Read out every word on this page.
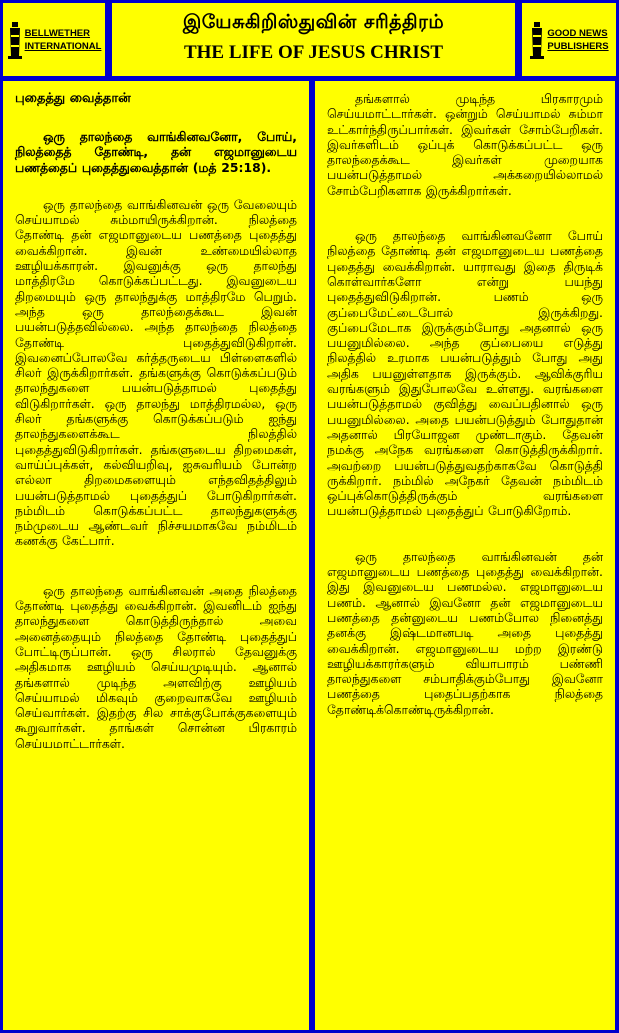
BELLWETHER
INTERNATIONAL
இயேசுகிறிஸ்துவின் சரித்திரம்
THE LIFE OF JESUS CHRIST
GOOD NEWS
PUBLISHERS
புதைத்து வைத்தான்

ஒரு தாலந்தை வாங்கினவனோ, போய், நிலத்தைத் தோண்டி, தன் எஜமானுடைய பணத்தைப் புதைத்துவைத்தான் (மத் 25:18).

ஒரு தாலந்தை வாங்கினவன் ஒரு வேலையும் செய்யாமல் சும்மாயிருக்கிறான். நிலத்தை தோண்டி தன் எஜமானுடைய பணத்தை புதைத்து வைக்கிறான். இவன் உண்மையில்லாத ஊழியக்காரன். இவனுக்கு ஒரு தாலந்து மாத்திரமே கொடுக்கப்பட்டது. இவனுடைய திறமையும் ஒரு தாலந்துக்கு மாத்திரமே பெறும். அந்த ஒரு தாலந்தைக்கூட இவன் பயன்படுத்தவில்லை. அந்த தாலந்தை நிலத்தை தோண்டி புதைத்துவிடுகிறான். இவனைப்போலவே கர்த்தருடைய பிள்ளைகளில் சிலர் இருக்கிறார்கள். தங்களுக்கு கொடுக்கப்படும் தாலந்துகளை பயன்படுத்தாமல் புதைத்து விடுகிறார்கள். ஒரு தாலந்து மாத்திரமல்ல, ஒரு சிலர் தங்களுக்கு கொடுக்கப்படும் ஐந்து தாலந்துகளைக்கூட நிலத்தில் புதைத்துவிடுகிறார்கள். தங்களுடைய திறமைகள், வாய்ப்புக்கள், கல்வியறிவு, ஐசுவரியம் போன்ற எல்லா திறமைகளையும் எந்தவிதத்திலும் பயன்படுத்தாமல் புதைத்துப் போடுகிறார்கள். நம்மிடம் கொடுக்கப்பட்ட தாலந்துகளுக்கு நம்முடைய ஆண்டவர் நிச்சயமாகவே நம்மிடம் கணக்கு கேட்பார்.

ஒரு தாலந்தை வாங்கினவன் அதை நிலத்தை தோண்டி புதைத்து வைக்கிறான். இவனிடம் ஐந்து தாலந்துகளை கொடுத்திருந்தால் அவை அனைத்தையும் நிலத்தை தோண்டி புதைத்துப் போட்டிருப்பான். ஒரு சிலரால் தேவனுக்கு அதிகமாக ஊழியம் செய்யமுடியும். ஆனால் தங்களால் முடிந்த அளவிற்கு ஊழியம் செய்யாமல் மிகவும் குறைவாகவே ஊழியம் செய்வார்கள். இதற்கு சில சாக்குபோக்குகளையும் கூறுவார்கள். தாங்கள் சொன்ன பிரகாரம் செய்யமாட்டார்கள்.

தங்களால் முடிந்த பிரகாரமும் செய்யமாட்டார்கள். ஒன்றும் செய்யாமல் சும்மா உட்கார்ந்திருப்பார்கள். இவர்கள் சோம்பேறிகள். இவர்களிடம் ஒப்புக் கொடுக்கப்பட்ட ஒரு தாலந்தைக்கூட இவர்கள் முறையாக பயன்படுத்தாமல் அக்கறையில்லாமல் சோம்பேறிகளாக இருக்கிறார்கள்.

ஒரு தாலந்தை வாங்கினவனோ போய் நிலத்தை தோண்டி தன் எஜமானுடைய பணத்தை புதைத்து வைக்கிறான். யாராவது இதை திருடிக் கொள்வார்களோ என்று பயந்து புதைத்துவிடுகிறான். பணம் ஒரு குப்பைமேட்டைபோல் இருக்கிறது. குப்பைமேடாக இருக்கும்போது அதனால் ஒரு பயனுமில்லை. அந்த குப்பையை எடுத்து நிலத்தில் உரமாக பயன்படுத்தும் போது அது அதிக பயனுள்ளதாக இருக்கும். ஆவிக்குரிய வரங்களும் இதுபோலவே உள்ளது. வரங்களை பயன்படுத்தாமல் குவித்து வைப்பதினால் ஒரு பயனுமில்லை. அதை பயன்படுத்தும் போதுதான் அதனால் பிரயோஜன முண்டாகும். தேவன் நமக்கு அநேக வரங்களை கொடுத்திருக்கிறார். அவற்றை பயன்படுத்துவதற்காகவே கொடுத்தி ருக்கிறார். நம்மில் அநேகர் தேவன் நம்மிடம் ஒப்புக்கொடுத்திருக்கும் வரங்களை பயன்படுத்தாமல் புதைத்துப் போடுகிறோம்.

ஒரு தாலந்தை வாங்கினவன் தன் எஜமானுடைய பணத்தை புதைத்து வைக்கிறான். இது இவனுடைய பணமல்ல. எஜமானுடைய பணம். ஆனால் இவனோ தன் எஜமானுடைய பணத்தை தன்னுடைய பணம்போல நினைத்து தனக்கு இஷ்டமானபடி அதை புதைத்து வைக்கிறான். எஜமானுடைய மற்ற இரண்டு ஊழியக்காரர்களும் வியாபாரம் பண்ணி தாலந்துகளை சம்பாதிக்கும்போது இவனோ பணத்தை புதைப்பதற்காக நிலத்தை தோண்டிக்கொண்டிருக்கிறான்.
